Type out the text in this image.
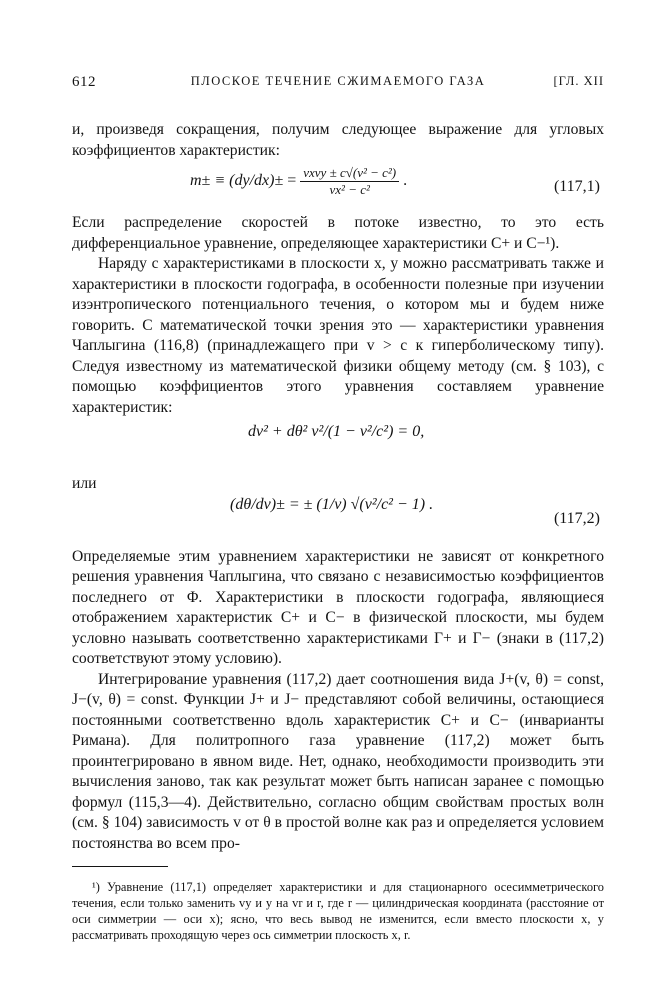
612	ПЛОСКОЕ ТЕЧЕНИЕ СЖИМАЕМОГО ГАЗА	[ГЛ. XII

и, произведя сокращения, получим следующее выражение для угловых коэффициентов характеристик:

$m\pm \equiv (dy/dx)\pm = \frac{\text{vxvy ± c√(v² − c²)}}{\text{vx² − c²}}$ .	(117,1)

Если распределение скоростей в потоке известно, то это есть дифференциальное уравнение, определяющее характеристики C+ и C−¹).

Наряду с характеристиками в плоскости x, y можно рассматривать также и характеристики в плоскости годографа, в особенности полезные при изучении изэнтропического потенциального течения, о котором мы и будем ниже говорить. С математической точки зрения это — характеристики уравнения Чаплыгина (116,8) (принадлежащего при v > c к гиперболическому типу). Следуя известному из математической физики общему методу (см. § 103), с помощью коэффициентов этого уравнения составляем уравнение характеристик:

dv² + dθ² v²/(1 − v²/c²) = 0,

или

(dθ/dv)± = ± (1/v) √(v²/c² − 1) .
(117,2)

Определяемые этим уравнением характеристики не зависят от конкретного решения уравнения Чаплыгина, что связано с независимостью коэффициентов последнего от Φ. Характеристики в плоскости годографа, являющиеся отображением характеристик C+ и C− в физической плоскости, мы будем условно называть соответственно характеристиками Γ+ и Γ− (знаки в (117,2) соответствуют этому условию).

Интегрирование уравнения (117,2) дает соотношения вида J+(v, θ) = const, J−(v, θ) = const. Функции J+ и J− представляют собой величины, остающиеся постоянными соответственно вдоль характеристик C+ и C− (инварианты Римана). Для политропного газа уравнение (117,2) может быть проинтегрировано в явном виде. Нет, однако, необходимости производить эти вычисления заново, так как результат может быть написан заранее с помощью формул (115,3—4). Действительно, согласно общим свойствам простых волн (см. § 104) зависимость v от θ в простой волне как раз и определяется условием постоянства во всем про-

¹) Уравнение (117,1) определяет характеристики и для стационарного осесимметрического течения, если только заменить vy и y на vr и r, где r — цилиндрическая координата (расстояние от оси симметрии — оси x); ясно, что весь вывод не изменится, если вместо плоскости x, y рассматривать проходящую через ось симметрии плоскость x, r.
